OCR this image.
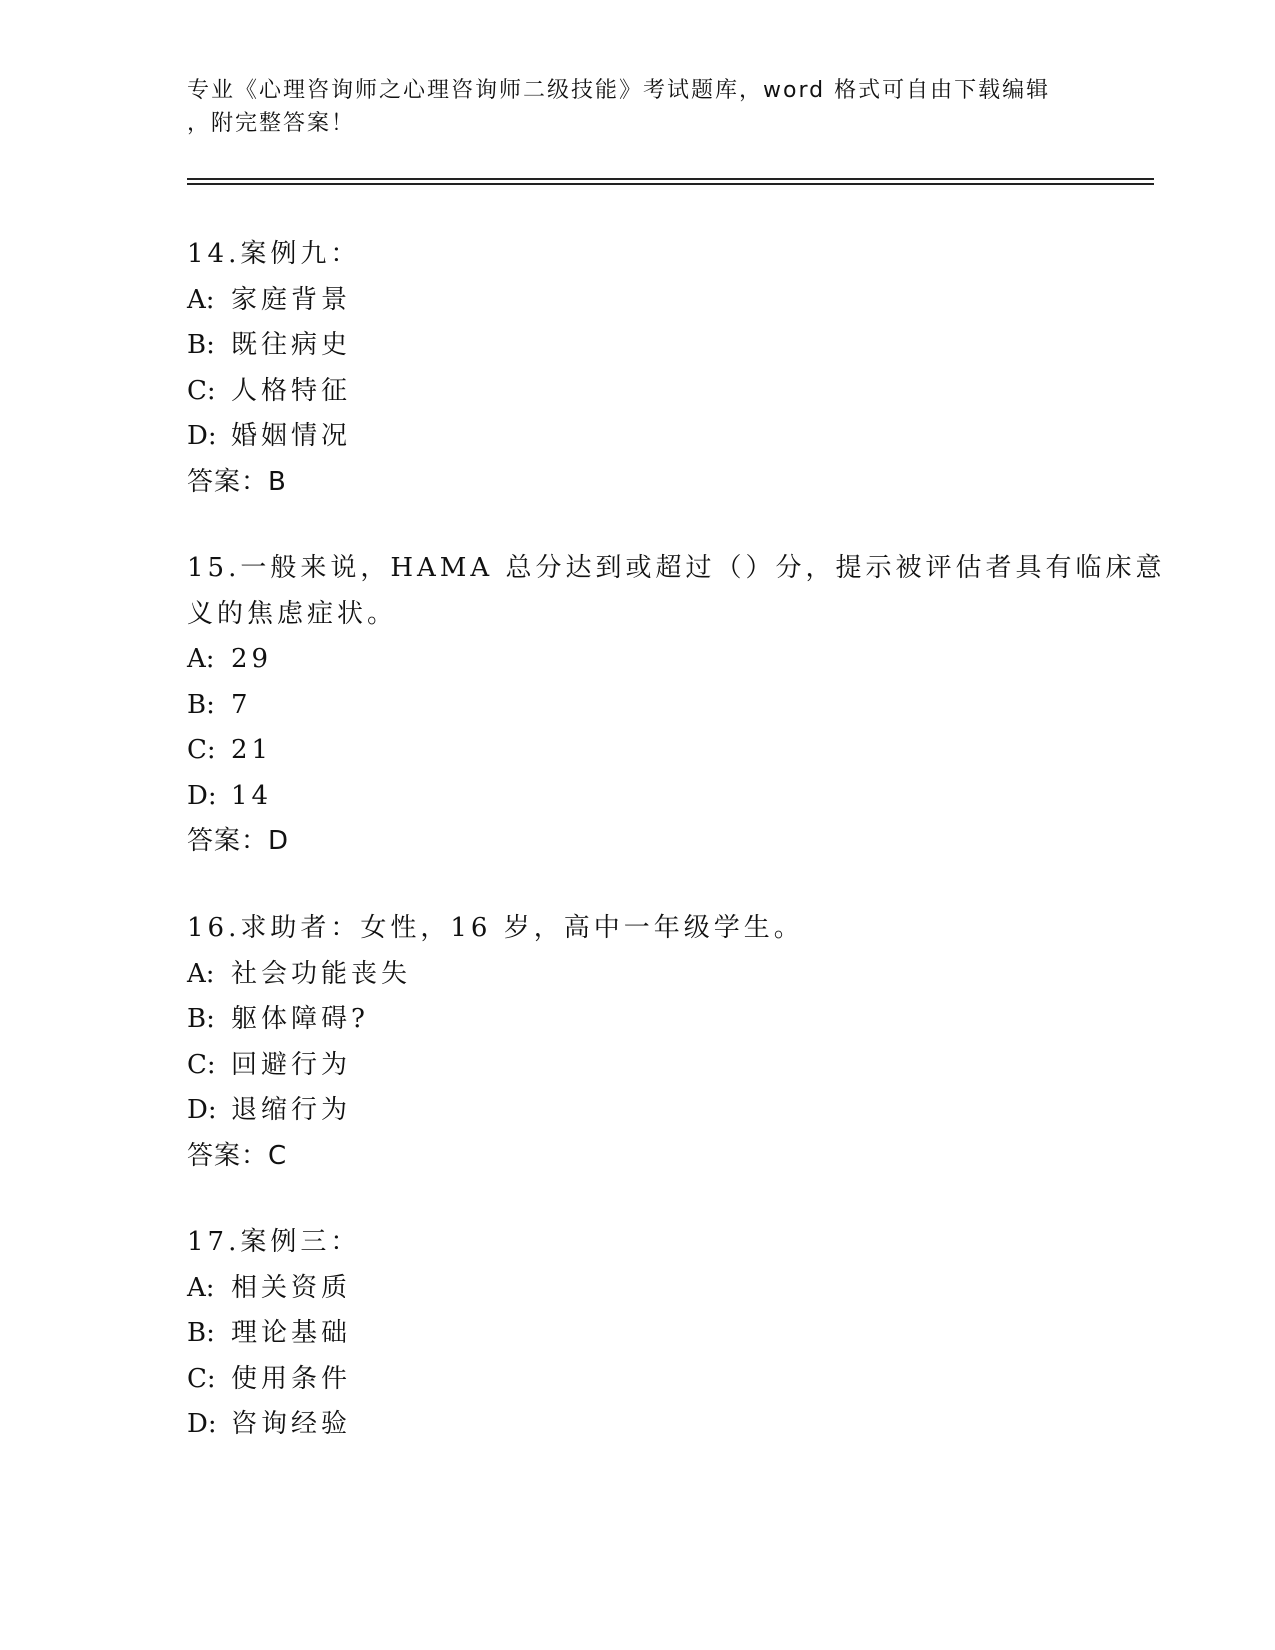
专业《心理咨询师之心理咨询师二级技能》考试题库，word 格式可自由下载编辑
，附完整答案！
14.案例九：
A: 家庭背景
B: 既往病史
C: 人格特征
D: 婚姻情况
答案：B
15.一般来说，HAMA 总分达到或超过（）分，提示被评估者具有临床意
义的焦虑症状。
A: 29
B: 7
C: 21
D: 14
答案：D
16.求助者：女性，16 岁，高中一年级学生。
A: 社会功能丧失
B: 躯体障碍?
C: 回避行为
D: 退缩行为
答案：C
17.案例三：
A: 相关资质
B: 理论基础
C: 使用条件
D: 咨询经验
